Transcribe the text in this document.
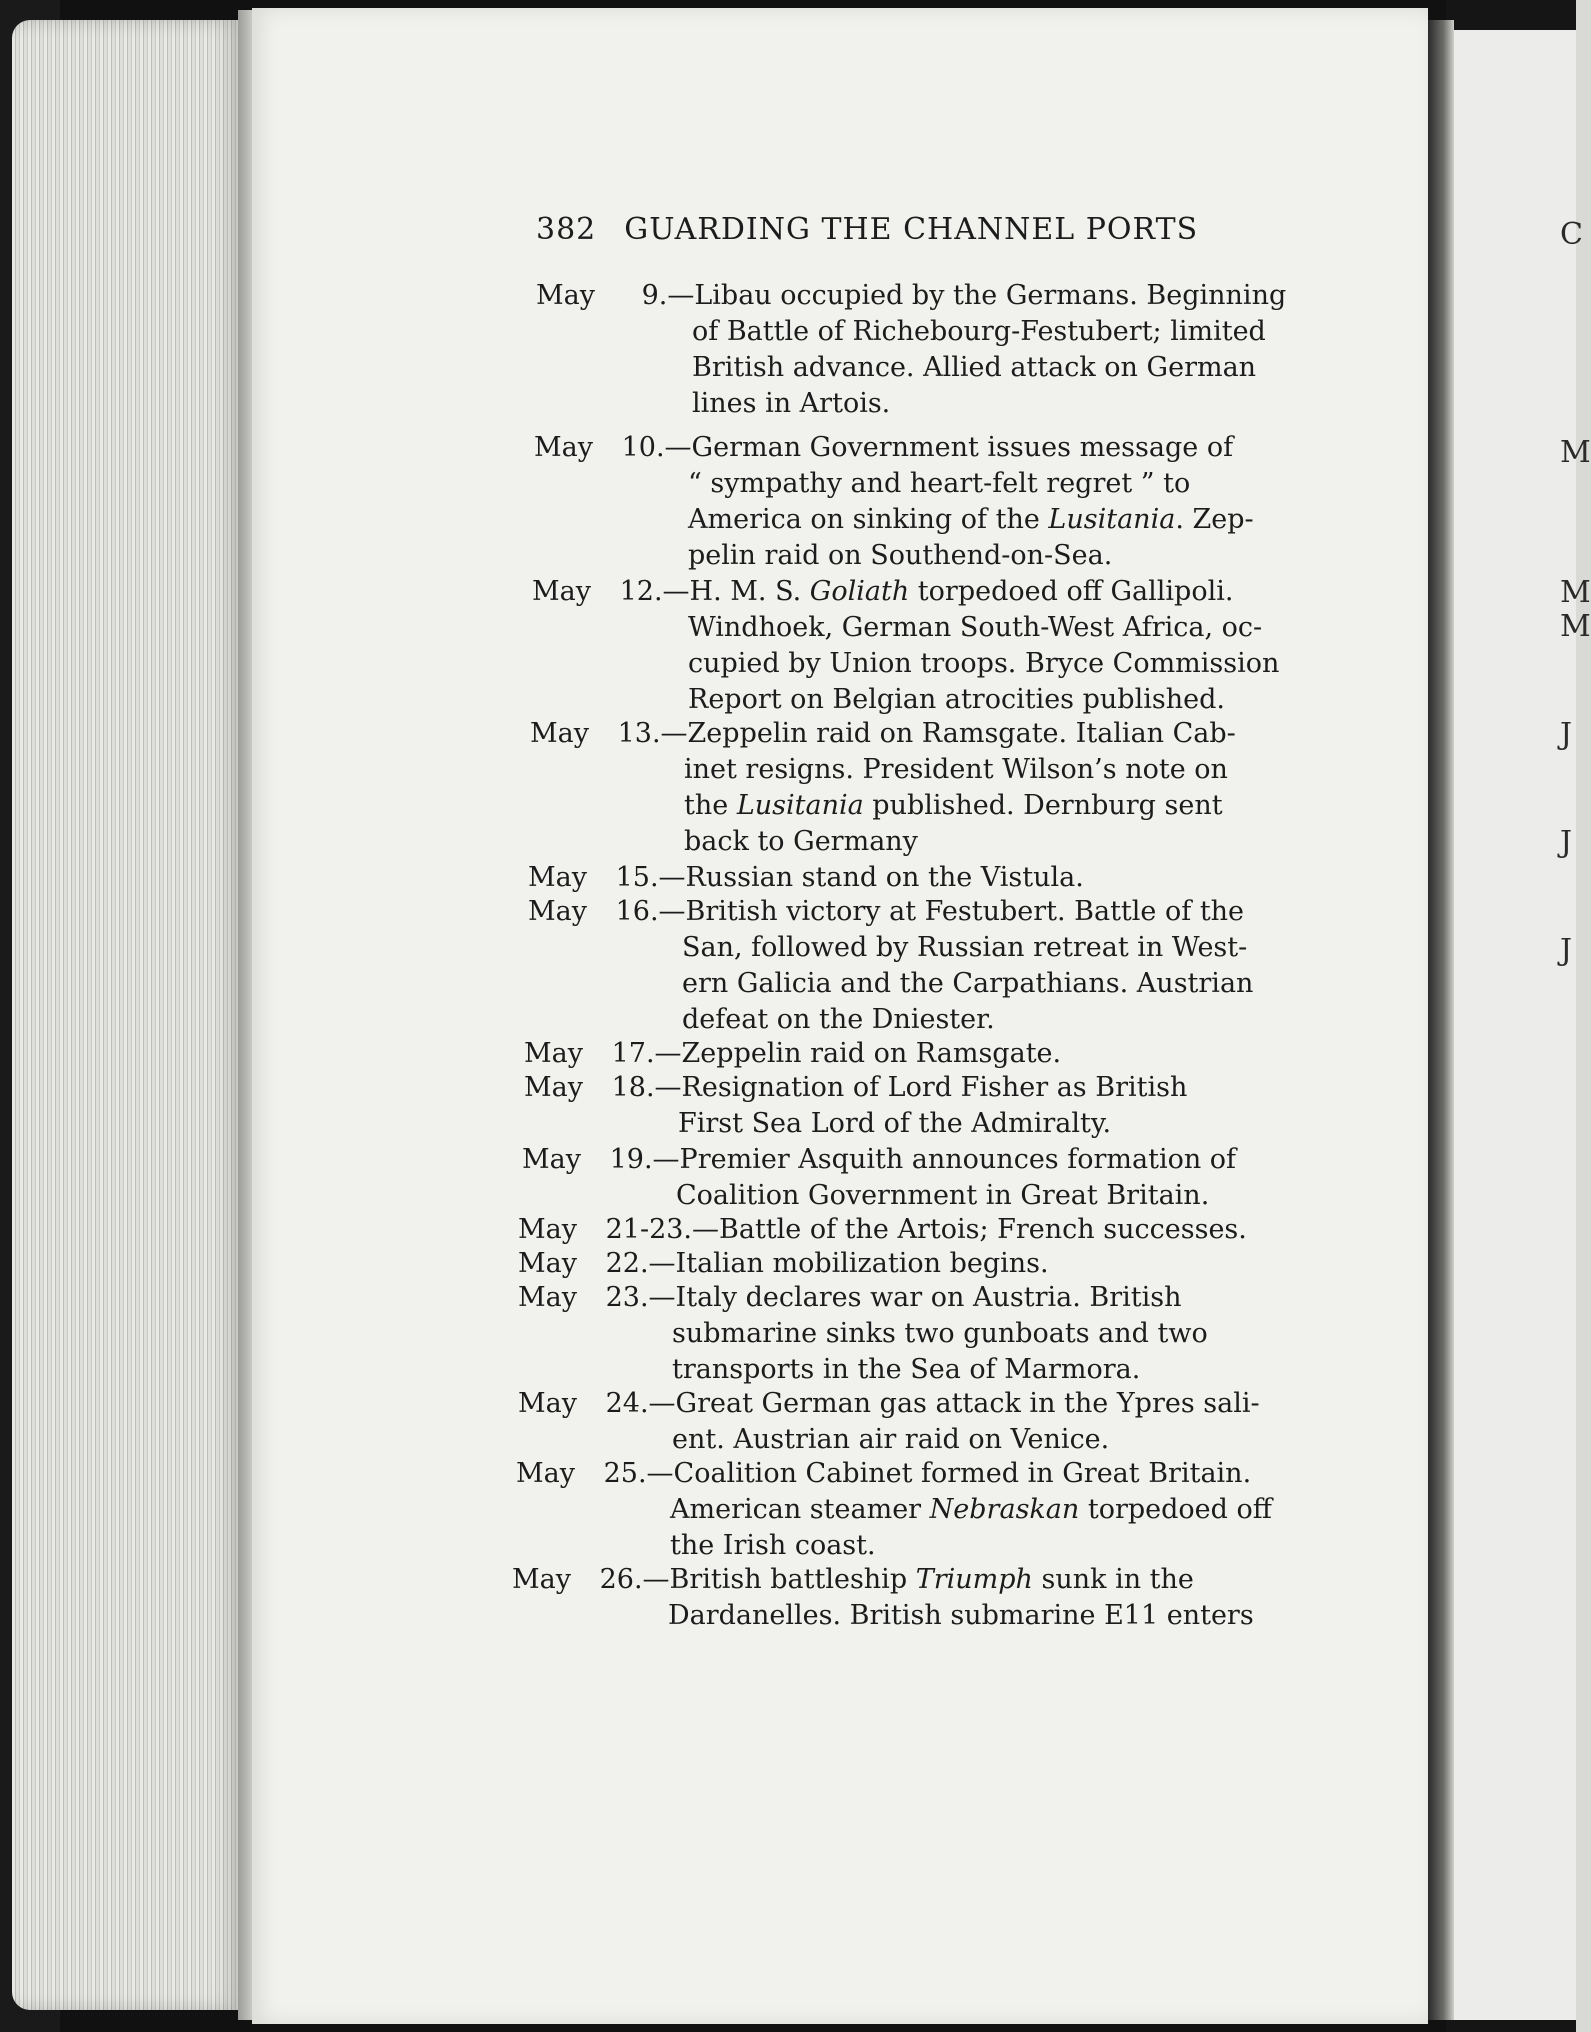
C
M
M
M
J
J
J
382 GUARDING THE CHANNEL PORTS
May 9.—Libau occupied by the Germans. Beginning
of Battle of Richebourg-Festubert; limited
British advance. Allied attack on German
lines in Artois.
May 10.—German Government issues message of
“ sympathy and heart-felt regret ” to
America on sinking of the Lusitania. Zep-
pelin raid on Southend-on-Sea.
May 12.—H. M. S. Goliath torpedoed off Gallipoli.
Windhoek, German South-West Africa, oc-
cupied by Union troops. Bryce Commission
Report on Belgian atrocities published.
May 13.—Zeppelin raid on Ramsgate. Italian Cab-
inet resigns. President Wilson’s note on
the Lusitania published. Dernburg sent
back to Germany
May 15.—Russian stand on the Vistula.
May 16.—British victory at Festubert. Battle of the
San, followed by Russian retreat in West-
ern Galicia and the Carpathians. Austrian
defeat on the Dniester.
May 17.—Zeppelin raid on Ramsgate.
May 18.—Resignation of Lord Fisher as British
First Sea Lord of the Admiralty.
May 19.—Premier Asquith announces formation of
Coalition Government in Great Britain.
May 21-23.—Battle of the Artois; French successes.
May 22.—Italian mobilization begins.
May 23.—Italy declares war on Austria. British
submarine sinks two gunboats and two
transports in the Sea of Marmora.
May 24.—Great German gas attack in the Ypres sali-
ent. Austrian air raid on Venice.
May 25.—Coalition Cabinet formed in Great Britain.
American steamer Nebraskan torpedoed off
the Irish coast.
May 26.—British battleship Triumph sunk in the
Dardanelles. British submarine E11 enters
